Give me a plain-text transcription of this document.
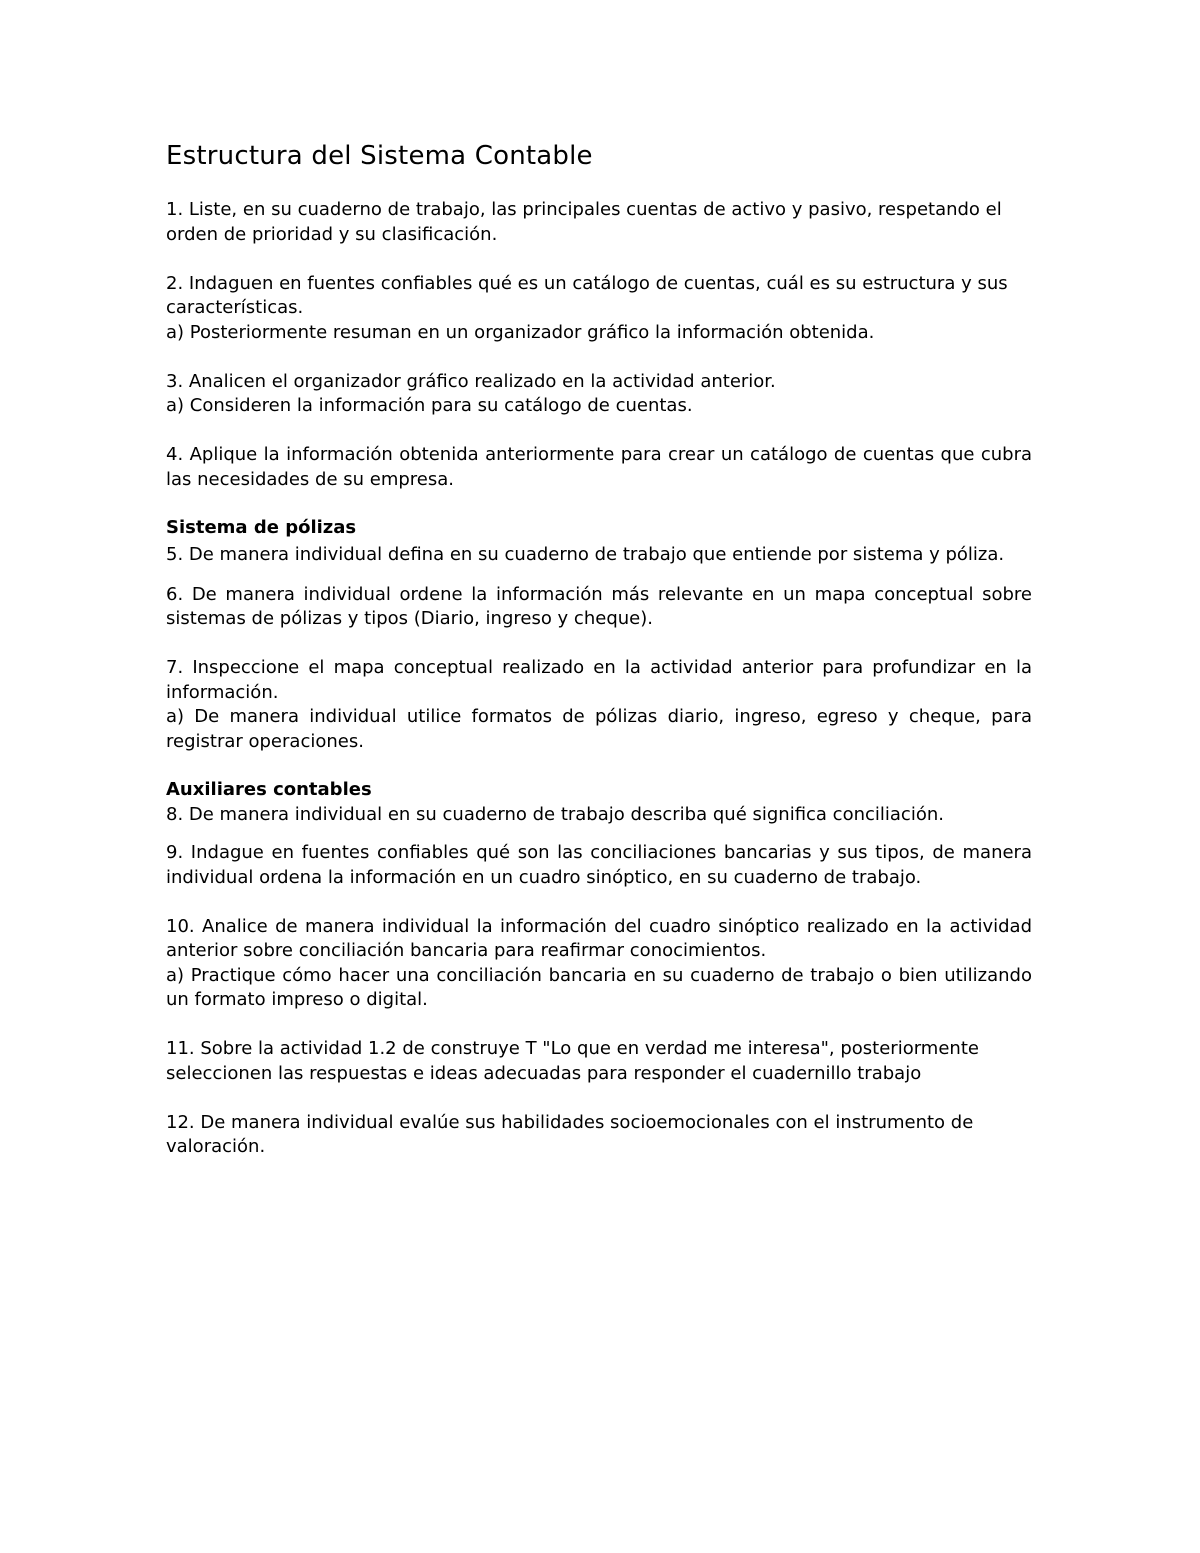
Estructura del Sistema Contable

1. Liste, en su cuaderno de trabajo, las principales cuentas de activo y pasivo, respetando el orden de prioridad y su clasificación.

2. Indaguen en fuentes confiables qué es un catálogo de cuentas, cuál es su estructura y sus características.

a) Posteriormente resuman en un organizador gráfico la información obtenida.

3. Analicen el organizador gráfico realizado en la actividad anterior.

a) Consideren la información para su catálogo de cuentas.

4. Aplique la información obtenida anteriormente para crear un catálogo de cuentas que cubra las necesidades de su empresa.

Sistema de pólizas

5. De manera individual defina en su cuaderno de trabajo que entiende por sistema y póliza.

6. De manera individual ordene la información más relevante en un mapa conceptual sobre sistemas de pólizas y tipos (Diario, ingreso y cheque).

7. Inspeccione el mapa conceptual realizado en la actividad anterior para profundizar en la información.

a) De manera individual utilice formatos de pólizas diario, ingreso, egreso y cheque, para registrar operaciones.

Auxiliares contables

8. De manera individual en su cuaderno de trabajo describa qué significa conciliación.

9. Indague en fuentes confiables qué son las conciliaciones bancarias y sus tipos, de manera individual ordena la información en un cuadro sinóptico, en su cuaderno de trabajo.

10. Analice de manera individual la información del cuadro sinóptico realizado en la actividad anterior sobre conciliación bancaria para reafirmar conocimientos.

a) Practique cómo hacer una conciliación bancaria en su cuaderno de trabajo o bien utilizando un formato impreso o digital.

11. Sobre la actividad 1.2 de construye T "Lo que en verdad me interesa", posteriormente seleccionen las respuestas e ideas adecuadas para responder el cuadernillo trabajo

12. De manera individual evalúe sus habilidades socioemocionales con el instrumento de valoración.
